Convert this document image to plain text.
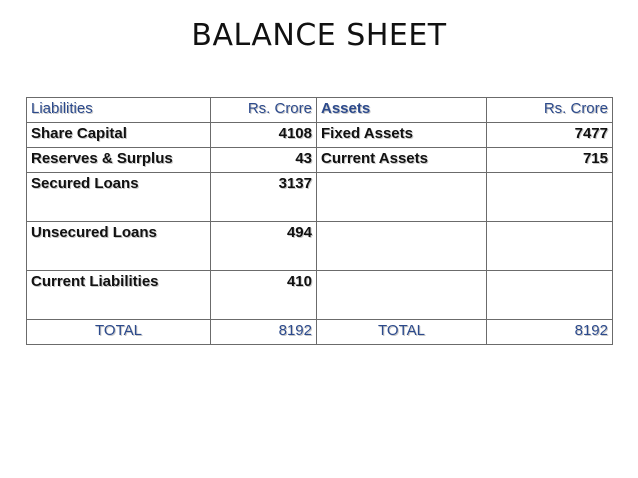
BALANCE SHEET
Liabilities	Rs. Crore	Assets	Rs. Crore
Share Capital	4108	Fixed Assets	7477
Reserves & Surplus	43	Current Assets	715
Secured Loans	3137		
Unsecured Loans	494		
Current Liabilities	410		
TOTAL	8192	TOTAL	8192
